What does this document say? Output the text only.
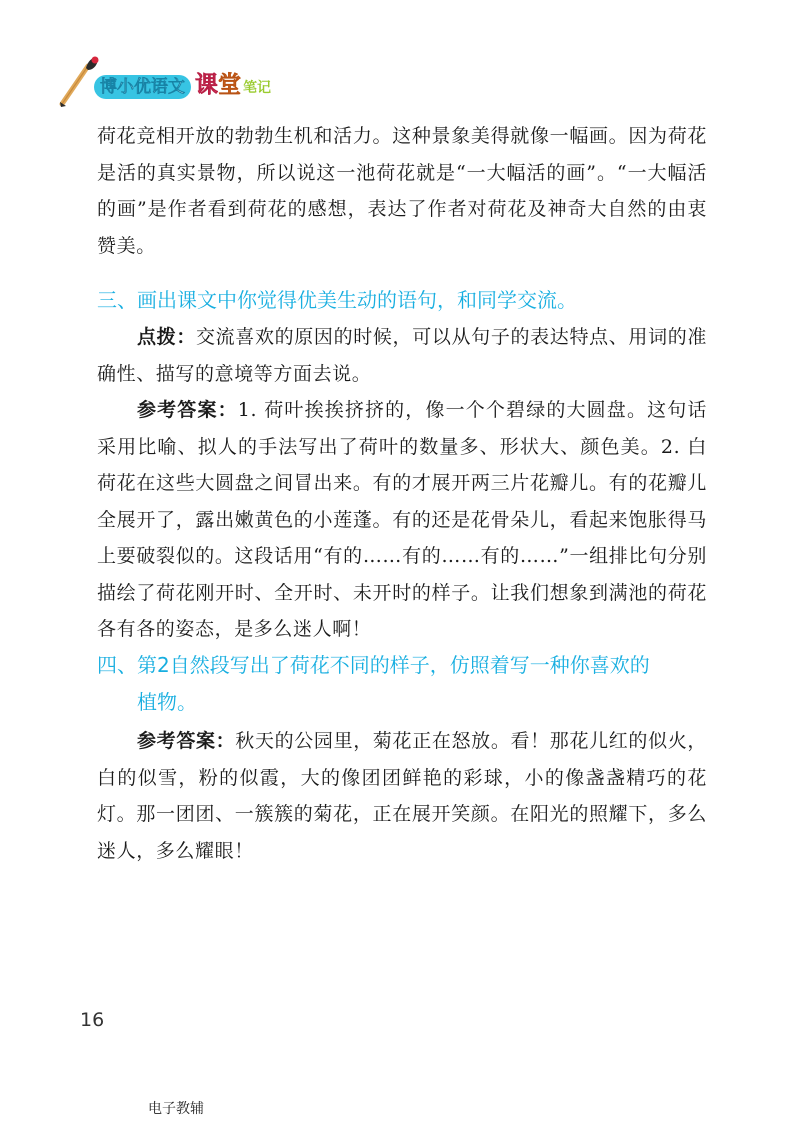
博小优语文 课堂 笔记

荷花竞相开放的勃勃生机和活力。这种景象美得就像一幅画。因为荷花是活的真实景物，所以说这一池荷花就是“一大幅活的画”。“一大幅活的画”是作者看到荷花的感想，表达了作者对荷花及神奇大自然的由衷赞美。

三、画出课文中你觉得优美生动的语句，和同学交流。

点拨：交流喜欢的原因的时候，可以从句子的表达特点、用词的准确性、描写的意境等方面去说。

参考答案：1. 荷叶挨挨挤挤的，像一个个碧绿的大圆盘。这句话采用比喻、拟人的手法写出了荷叶的数量多、形状大、颜色美。2. 白荷花在这些大圆盘之间冒出来。有的才展开两三片花瓣儿。有的花瓣儿全展开了，露出嫩黄色的小莲蓬。有的还是花骨朵儿，看起来饱胀得马上要破裂似的。这段话用“有的……有的……有的……”一组排比句分别描绘了荷花刚开时、全开时、未开时的样子。让我们想象到满池的荷花各有各的姿态，是多么迷人啊！

四、第2自然段写出了荷花不同的样子，仿照着写一种你喜欢的
植物。

参考答案：秋天的公园里，菊花正在怒放。看！那花儿红的似火，白的似雪，粉的似霞，大的像团团鲜艳的彩球，小的像盏盏精巧的花灯。那一团团、一簇簇的菊花，正在展开笑颜。在阳光的照耀下，多么迷人，多么耀眼！

16
电子教辅
